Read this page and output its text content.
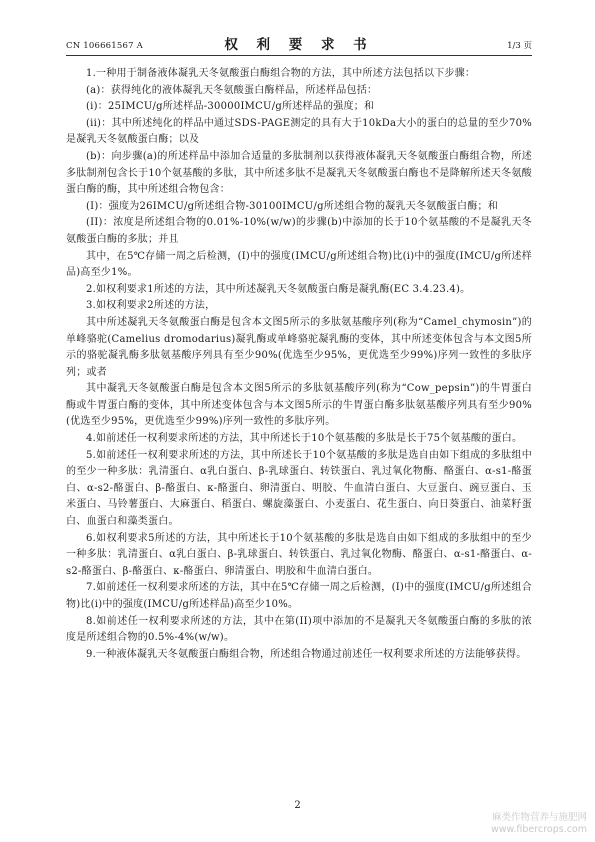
CN 106661567 A	权 利 要 求 书	1/3 页

1.一种用于制备液体凝乳天冬氨酸蛋白酶组合物的方法，其中所述方法包括以下步骤：

(a)：获得纯化的液体凝乳天冬氨酸蛋白酶样品，所述样品包括：

(i)：25IMCU/g所述样品-30000IMCU/g所述样品的强度；和

(ii)：其中所述纯化的样品中通过SDS-PAGE测定的具有大于10kDa大小的蛋白的总量的至少70%是凝乳天冬氨酸蛋白酶；以及

(b)：向步骤(a)的所述样品中添加合适量的多肽制剂以获得液体凝乳天冬氨酸蛋白酶组合物，所述多肽制剂包含长于10个氨基酸的多肽，其中所述多肽不是凝乳天冬氨酸蛋白酶也不是降解所述天冬氨酸蛋白酶的酶，其中所述组合物包含：

(I)：强度为26IMCU/g所述组合物-30100IMCU/g所述组合物的凝乳天冬氨酸蛋白酶；和

(II)：浓度是所述组合物的0.01%-10%(w/w)的步骤(b)中添加的长于10个氨基酸的不是凝乳天冬氨酸蛋白酶的多肽；并且

其中，在5℃存储一周之后检测，(I)中的强度(IMCU/g所述组合物)比(i)中的强度(IMCU/g所述样品)高至少1%。

2.如权利要求1所述的方法，其中所述凝乳天冬氨酸蛋白酶是凝乳酶(EC 3.4.23.4)。

3.如权利要求2所述的方法，

其中所述凝乳天冬氨酸蛋白酶是包含本文图5所示的多肽氨基酸序列(称为“Camel_chymosin”)的单峰骆驼(Camelius dromodarius)凝乳酶或单峰骆驼凝乳酶的变体，其中所述变体包含与本文图5所示的骆驼凝乳酶多肽氨基酸序列具有至少90%(优选至少95%，更优选至少99%)序列一致性的多肽序列；或者

其中凝乳天冬氨酸蛋白酶是包含本文图5所示的多肽氨基酸序列(称为“Cow_pepsin”)的牛胃蛋白酶或牛胃蛋白酶的变体，其中所述变体包含与本文图5所示的牛胃蛋白酶多肽氨基酸序列具有至少90%(优选至少95%，更优选至少99%)序列一致性的多肽序列。

4.如前述任一权利要求所述的方法，其中所述长于10个氨基酸的多肽是长于75个氨基酸的蛋白。

5.如前述任一权利要求所述的方法，其中所述长于10个氨基酸的多肽是选自由如下组成的多肽组中的至少一种多肽：乳清蛋白、α乳白蛋白、β-乳球蛋白、转铁蛋白、乳过氧化物酶、酪蛋白、α-s1-酪蛋白、α-s2-酪蛋白、β-酪蛋白、κ-酪蛋白、卵清蛋白、明胶、牛血清白蛋白、大豆蛋白、豌豆蛋白、玉米蛋白、马铃薯蛋白、大麻蛋白、稻蛋白、螺旋藻蛋白、小麦蛋白、花生蛋白、向日葵蛋白、油菜籽蛋白、血蛋白和藻类蛋白。

6.如权利要求5所述的方法，其中所述长于10个氨基酸的多肽是选自由如下组成的多肽组中的至少一种多肽：乳清蛋白、α乳白蛋白、β-乳球蛋白、转铁蛋白、乳过氧化物酶、酪蛋白、α-s1-酪蛋白、α-s2-酪蛋白、β-酪蛋白、κ-酪蛋白、卵清蛋白、明胶和牛血清白蛋白。

7.如前述任一权利要求所述的方法，其中在5℃存储一周之后检测，(I)中的强度(IMCU/g所述组合物)比(i)中的强度(IMCU/g所述样品)高至少10%。

8.如前述任一权利要求所述的方法，其中在第(II)项中添加的不是凝乳天冬氨酸蛋白酶的多肽的浓度是所述组合物的0.5%-4%(w/w)。

9.一种液体凝乳天冬氨酸蛋白酶组合物，所述组合物通过前述任一权利要求所述的方法能够获得。

2
麻类作物营养与施肥网
www.fibercrops.com
